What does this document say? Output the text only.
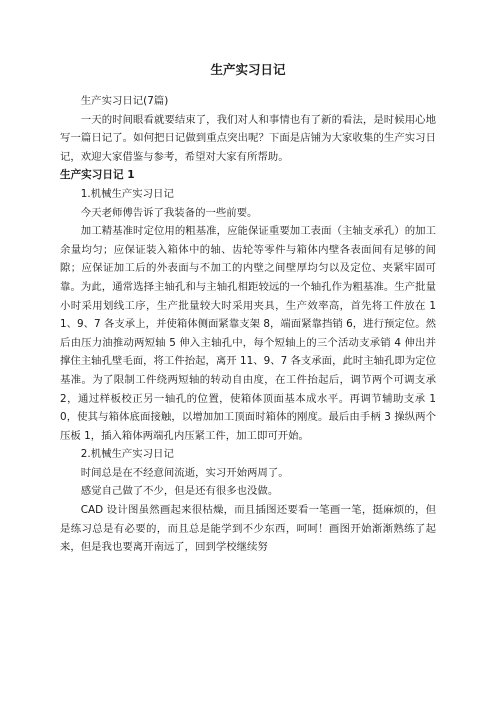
生产实习日记

生产实习日记(7篇)

一天的时间眼看就要结束了，我们对人和事情也有了新的看法，是时候用心地写一篇日记了。如何把日记做到重点突出呢？下面是店铺为大家收集的生产实习日记，欢迎大家借鉴与参考，希望对大家有所帮助。

生产实习日记 1

1.机械生产实习日记

今天老师傅告诉了我装备的一些前要。

加工精基准时定位用的粗基准，应能保证重要加工表面（主轴支承孔）的加工余量均匀；应保证装入箱体中的轴、齿轮等零件与箱体内壁各表面间有足够的间隙；应保证加工后的外表面与不加工的内壁之间壁厚均匀以及定位、夹紧牢固可靠。为此，通常选择主轴孔和与主轴孔相距较远的一个轴孔作为粗基准。生产批量小时采用划线工序，生产批量较大时采用夹具，生产效率高，首先将工件放在 11、9、7 各支承上，并使箱体侧面紧靠支架 8，端面紧靠挡销 6，进行预定位。然后由压力油推动两短轴 5 伸入主轴孔中，每个短轴上的三个活动支承销 4 伸出并撑住主轴孔壁毛面，将工件抬起，离开 11、9、7 各支承面，此时主轴孔即为定位基准。为了限制工件绕两短轴的转动自由度，在工件抬起后，调节两个可调支承 2，通过样板校正另一轴孔的位置，使箱体顶面基本成水平。再调节辅助支承 10，使其与箱体底面接触，以增加加工顶面时箱体的刚度。最后由手柄 3 操纵两个压板 1，插入箱体两端孔内压紧工件，加工即可开始。

2.机械生产实习日记

时间总是在不经意间流逝，实习开始两周了。

感觉自己做了不少，但是还有很多也没做。

CAD 设计图虽然画起来很枯燥，而且插图还要看一笔画一笔，挺麻烦的，但是练习总是有必要的，而且总是能学到不少东西，呵呵！画图开始渐渐熟练了起来，但是我也要离开南远了，回到学校继续努
